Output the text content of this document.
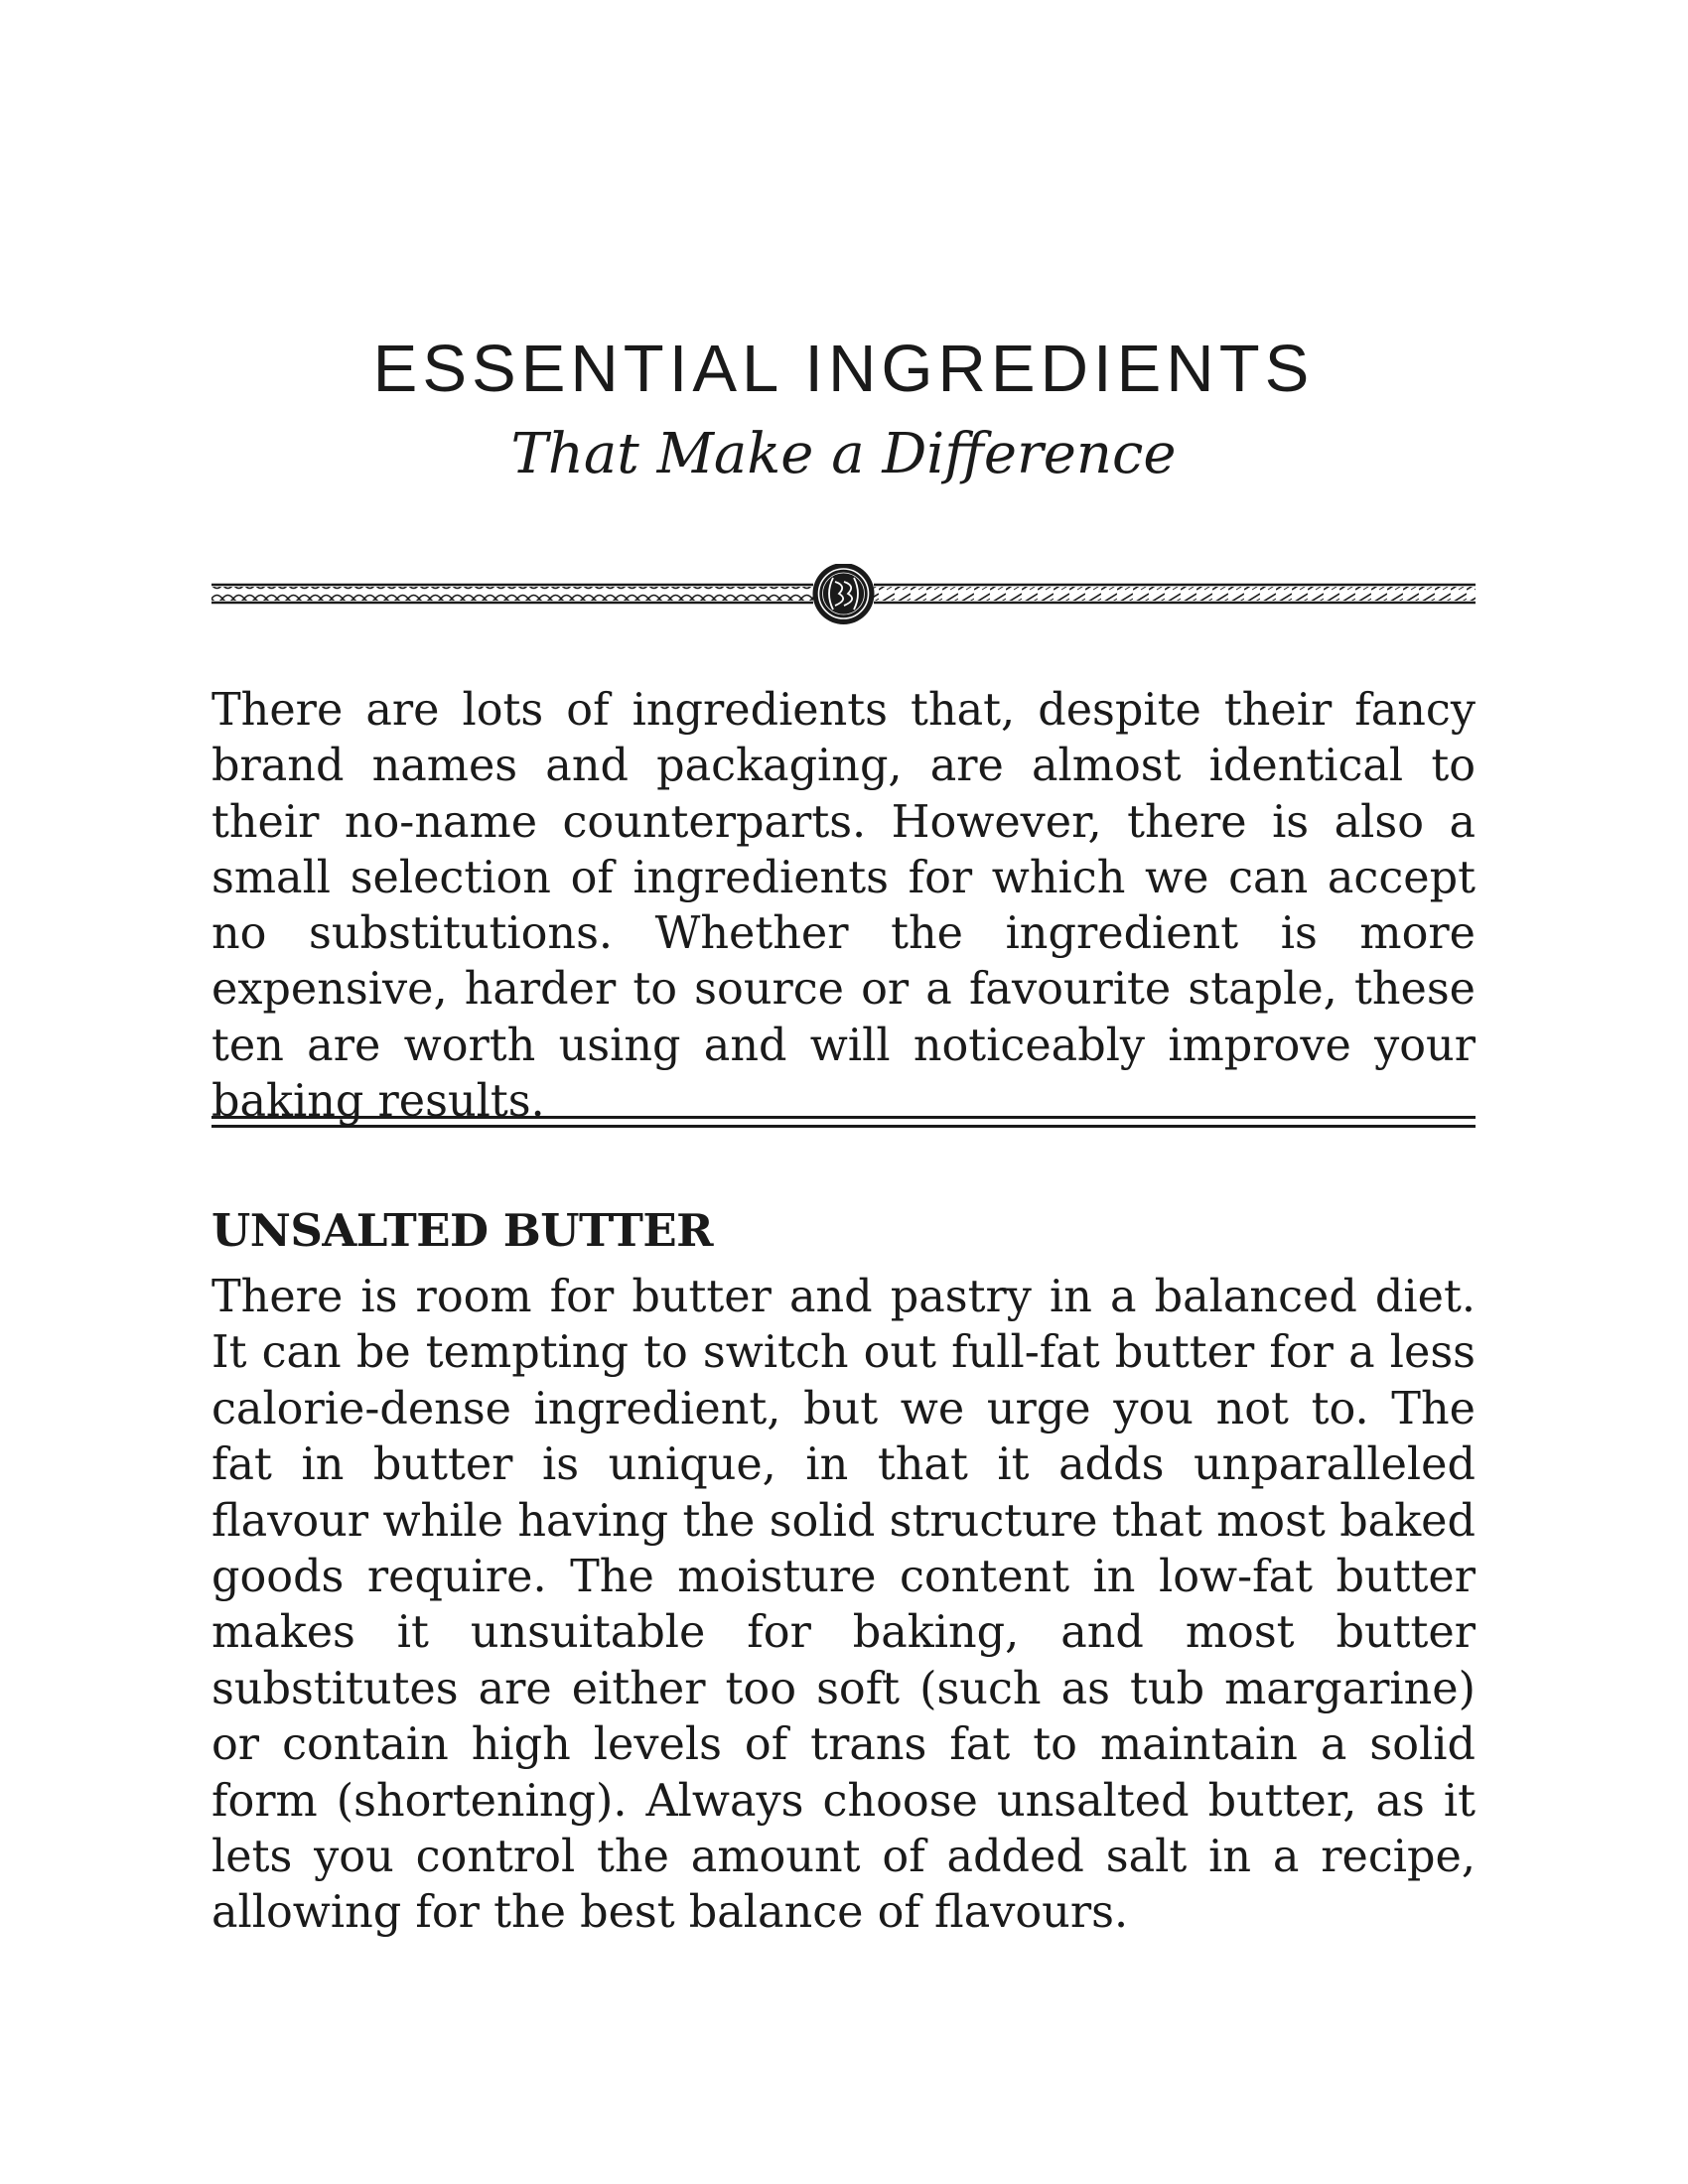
ESSENTIAL INGREDIENTS
That Make a Difference

There are lots of ingredients that, despite their fancy brand names and packaging, are almost identical to their no-name counterparts. However, there is also a small selection of ingredients for which we can accept no substitutions. Whether the ingredient is more expensive, harder to source or a favourite staple, these ten are worth using and will noticeably improve your baking results.

UNSALTED BUTTER

There is room for butter and pastry in a balanced diet. It can be tempting to switch out full-fat butter for a less calorie-dense ingredient, but we urge you not to. The fat in butter is unique, in that it adds unparalleled flavour while having the solid structure that most baked goods require. The moisture content in low-fat butter makes it unsuitable for baking, and most butter substitutes are either too soft (such as tub margarine) or contain high levels of trans fat to maintain a solid form (shortening). Always choose unsalted butter, as it lets you control the amount of added salt in a recipe, allowing for the best balance of flavours.
